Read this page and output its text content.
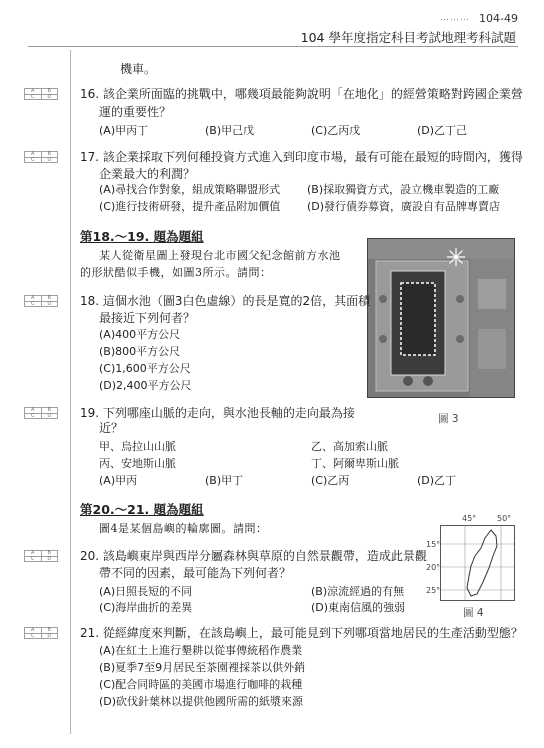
……… 104-49
104 學年度指定科目考試地理考科試題
機車。
A	B
C	D	16. 該企業所面臨的挑戰中，哪幾項最能夠說明「在地化」的經營策略對跨國企業營
運的重要性？
(A)甲丙丁	(B)甲己戊	(C)乙丙戊	(D)乙丁己
A	B
C	D	17. 該企業採取下列何種投資方式進入到印度市場，最有可能在最短的時間內，獲得
企業最大的利潤？
(A)尋找合作對象，組成策略聯盟形式 (B)採取獨資方式，設立機車製造的工廠
(C)進行技術研發，提升產品附加價值 (D)發行債券募資，廣設自有品牌專賣店
第18.～19. 題為題組
某人從衛星圖上發現台北市國父紀念館前方水池
的形狀酷似手機，如圖3所示。請問：
圖 3
A	B
C	D	18. 這個水池（圖3白色虛線）的長是寬的2倍，其面積
最接近下列何者？
(A)400平方公尺
(B)800平方公尺
(C)1,600平方公尺
(D)2,400平方公尺
A	B
C	D	19. 下列哪座山脈的走向，與水池長軸的走向最為接
近？
甲、烏拉山山脈	乙、高加索山脈
丙、安地斯山脈	丁、阿爾卑斯山脈
(A)甲丙	(B)甲丁	(C)乙丙	(D)乙丁
第20.～21. 題為題組
圖4是某個島嶼的輪廓圖。請問：
45°	50°
15°
20°
25°
圖 4
A	B
C	D	20. 該島嶼東岸與西岸分屬森林與草原的自然景觀帶，造成此景觀
帶不同的因素，最可能為下列何者？
(A)日照長短的不同	(B)涼流經過的有無
(C)海岸曲折的差異	(D)東南信風的強弱
A	B
C	D	21. 從經緯度來判斷，在該島嶼上，最可能見到下列哪項當地居民的生產活動型態？
(A)在紅土上進行墾耕以從事傳統稻作農業
(B)夏季7至9月居民至茶園裡採茶以供外銷
(C)配合同時區的美國市場進行咖啡的栽種
(D)砍伐針葉林以提供他國所需的紙漿來源
